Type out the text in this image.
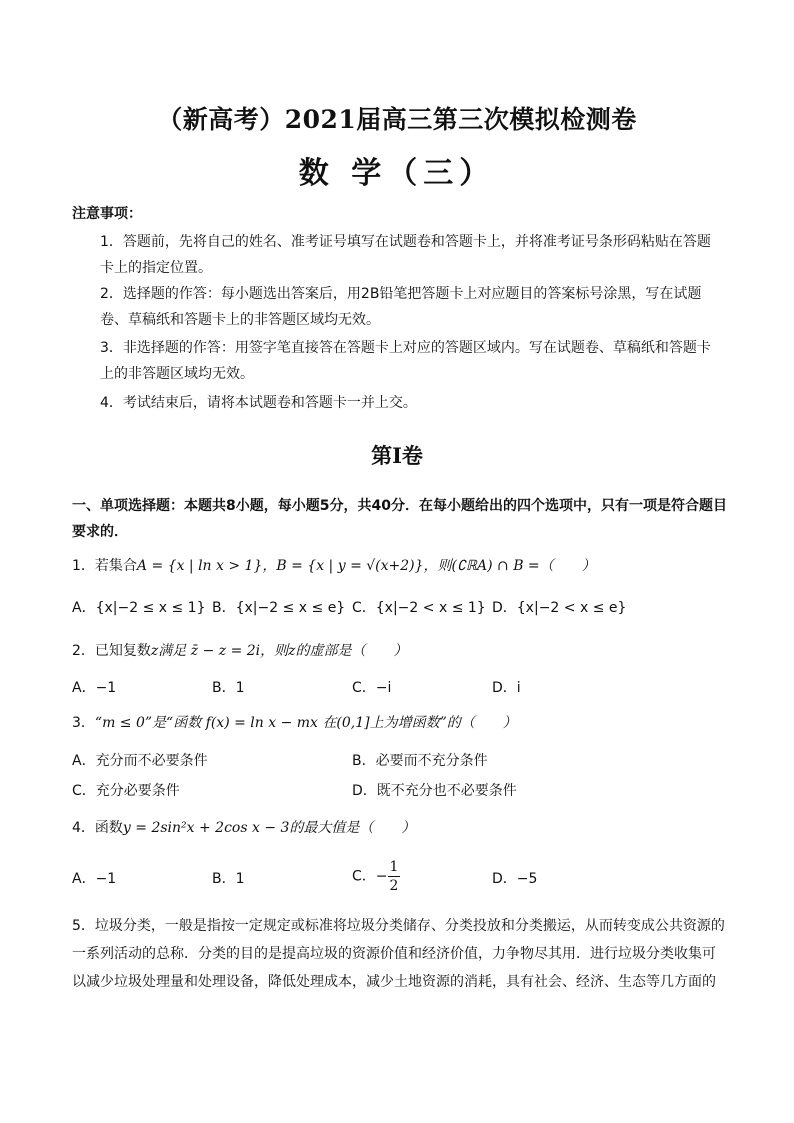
（新高考）2021届高三第三次模拟检测卷
数 学（三）
注意事项：
1．答题前，先将自己的姓名、准考证号填写在试题卷和答题卡上，并将准考证号条形码粘贴在答题卡上的指定位置。
2．选择题的作答：每小题选出答案后，用2B铅笔把答题卡上对应题目的答案标号涂黑，写在试题卷、草稿纸和答题卡上的非答题区域均无效。
3．非选择题的作答：用签字笔直接答在答题卡上对应的答题区域内。写在试题卷、草稿纸和答题卡上的非答题区域均无效。
4．考试结束后，请将本试题卷和答题卡一并上交。
第Ⅰ卷
一、单项选择题：本题共8小题，每小题5分，共40分．在每小题给出的四个选项中，只有一项是符合题目要求的．
1．若集合A = {x | ln x > 1}，B = {x | y = √(x+2)}，则(∁ℝA) ∩ B =（　　）
A．{x|−2 ≤ x ≤ 1} B．{x|−2 ≤ x ≤ e} C．{x|−2 < x ≤ 1} D．{x|−2 < x ≤ e}
2．已知复数z满足 z̄ − z = 2i，则z的虚部是（　　）
A．−1	B．1	C．−i	D．i
3．“m ≤ 0”是“函数 f(x) = ln x − mx 在(0,1]上为增函数”的（　　）
A．充分而不必要条件	B．必要而不充分条件
C．充分必要条件	D．既不充分也不必要条件
4．函数y = 2sin²x + 2cos x − 3的最大值是（　　）
A．−1	B．1	C．− $\frac{1}{2}$	D．−5
5．垃圾分类，一般是指按一定规定或标准将垃圾分类储存、分类投放和分类搬运，从而转变成公共资源的一系列活动的总称．分类的目的是提高垃圾的资源价值和经济价值，力争物尽其用．进行垃圾分类收集可以减少垃圾处理量和处理设备，降低处理成本，减少土地资源的消耗，具有社会、经济、生态等几方面的
